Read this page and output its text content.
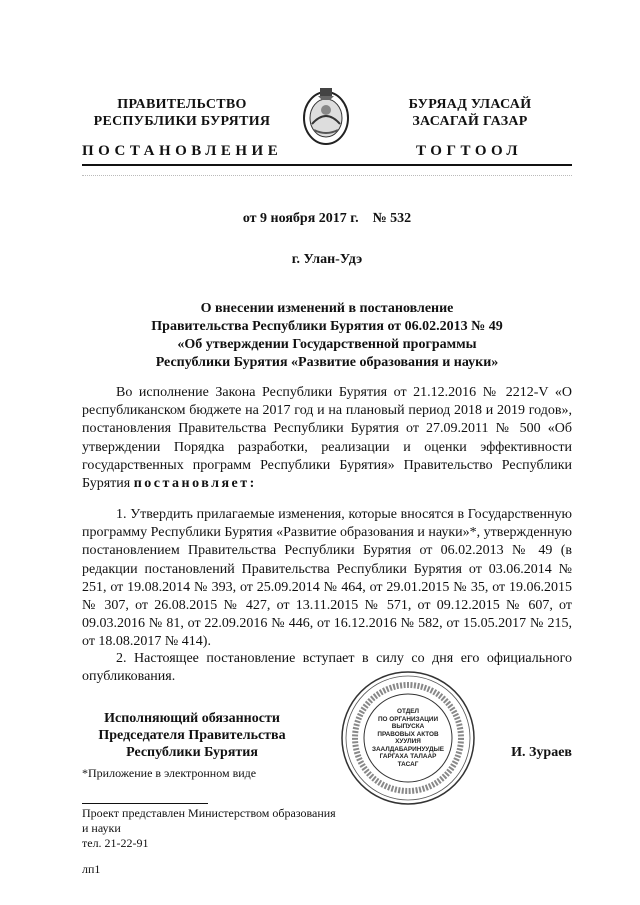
ПРАВИТЕЛЬСТВО
РЕСПУБЛИКИ БУРЯТИЯ
БУРЯАД УЛАСАЙ
ЗАСАГАЙ ГАЗАР
ПОСТАНОВЛЕНИЕ	ТОГТООЛ
от 9 ноября 2017 г.    № 532
г. Улан-Удэ
О внесении изменений в постановление
Правительства Республики Бурятия от 06.02.2013 № 49
«Об утверждении Государственной программы
Республики Бурятия «Развитие образования и науки»
Во исполнение Закона Республики Бурятия от 21.12.2016 № 2212-V «О республиканском бюджете на 2017 год и на плановый период 2018 и 2019 годов», постановления Правительства Республики Бурятия от 27.09.2011 № 500 «Об утверждении Порядка разработки, реализации и оценки эффективности государственных программ Республики Бурятия» Правительство Республики Бурятия постановляет:
1. Утвердить прилагаемые изменения, которые вносятся в Государственную программу Республики Бурятия «Развитие образования и науки»*, утвержденную постановлением Правительства Республики Бурятия от 06.02.2013 № 49 (в редакции постановлений Правительства Республики Бурятия от 03.06.2014 № 251, от 19.08.2014 № 393, от 25.09.2014 № 464, от 29.01.2015 № 35, от 19.06.2015 № 307, от 26.08.2015 № 427, от 13.11.2015 № 571, от 09.12.2015 № 607, от 09.03.2016 № 81, от 22.09.2016 № 446, от 16.12.2016 № 582, от 15.05.2017 № 215, от 18.08.2017 № 414).
2. Настоящее постановление вступает в силу со дня его официального опубликования.
Исполняющий обязанности
Председателя Правительства
Республики Бурятия
ОТДЕЛ
ПО ОРГАНИЗАЦИИ
ВЫПУСКА
ПРАВОВЫХ АКТОВ
ХУУЛИЯ
ЗААЛДАБАРИНУУДЫЕ
ГАРГАХА ТАЛААР
ТАСАГ
И. Зураев
*Приложение в электронном виде
Проект представлен Министерством образования
и науки
тел. 21-22-91
лп1
